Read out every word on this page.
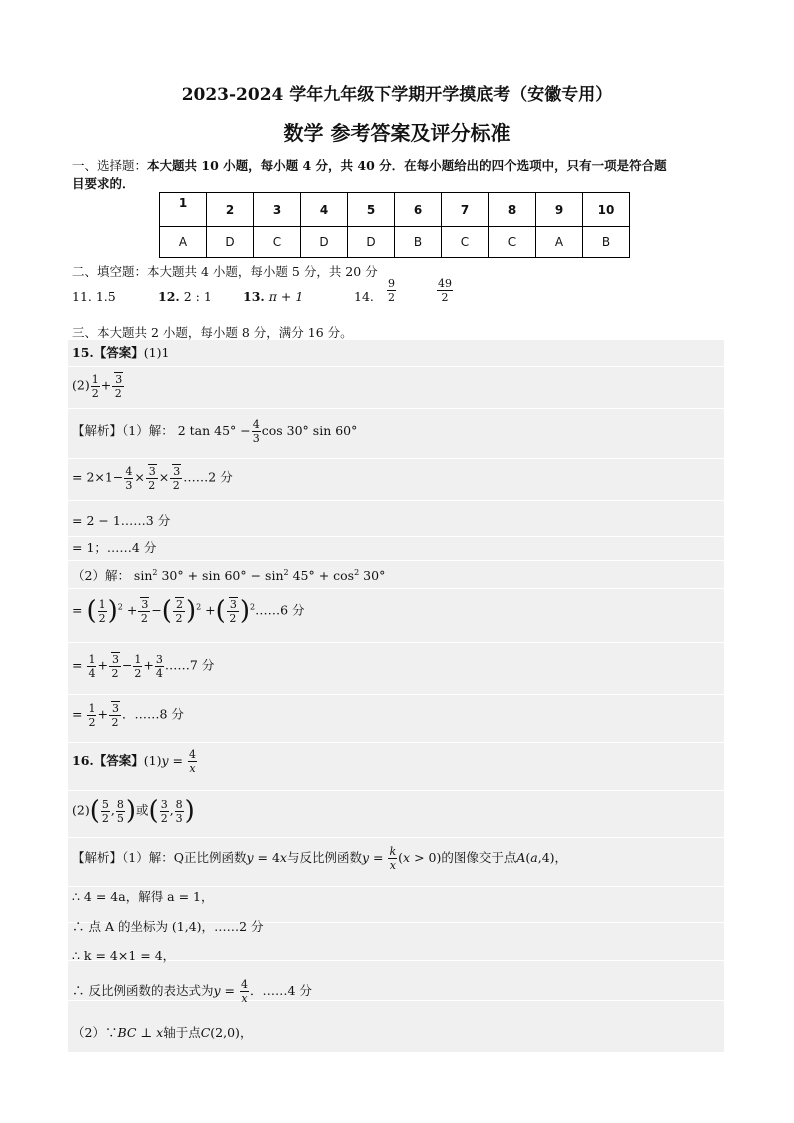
2023-2024 学年九年级下学期开学摸底考（安徽专用）
数学 参考答案及评分标准
一、选择题：本大题共 10 小题，每小题 4 分，共 40 分．在每小题给出的四个选项中，只有一项是符合题
目要求的．
1	2	3	4	5	6	7	8	9	10
A	D	C	D	D	B	C	C	A	B
二、填空题：本大题共 4 小题，每小题 5 分，共 20 分
11. 1.5	12. 2 : 1 13. π + 1	14. $\frac{9}{2}$	$\frac{49}{2}$
三、本大题共 2 小题，每小题 8 分，满分 16 分。
15.【答案】(1)1
$(2) \frac{1}{2} + \frac{3}{2}$
【解析】（1）解： 2 $\tan 45^\circ - \frac{4}{3}$ cos 30° sin 60°
= $2\times 1- \frac{4}{3} \times \frac{3}{2} \times \frac{3}{2}$ ……2 分
= 2 − 1……3 分
= 1；……4 分
（2）解： $\sin^2 30^\circ + \sin 60^\circ - \sin^2 45^\circ + \cos^2 30^\circ$
= ( $\frac{1}{2} )^2 + \frac{3}{2}$ −( $\frac{2}{2} )^2$ +( $\frac{3}{2}$ )$^2$……6 分
= $\frac{1}{4} + \frac{3}{2} - \frac{1}{2} + \frac{3}{4}$ ……7 分
= $\frac{1}{2} + \frac{3}{2}$ ．……8 分
16.【答案】$(1)y = \frac{4}{x}$
$(2)( \frac{5}{2}$ , $\frac{8}{5}$ )或( $\frac{3}{2}$ , $\frac{8}{3}$ )
【解析】（1）解：Q正比例函数y = 4x与反比例函数$y = \frac{k}{x} (x > 0)$的图像交于点A(a,4)，
∴ 4 = 4a，解得 a = 1，
∴ 点 A 的坐标为 (1,4)，……2 分
∴ k = 4×1 = 4，
∴ 反比例函数的表达式为$y = \frac{4}{x}$ ．……4 分
（2）∵BC ⊥ x轴于点C(2,0)，
